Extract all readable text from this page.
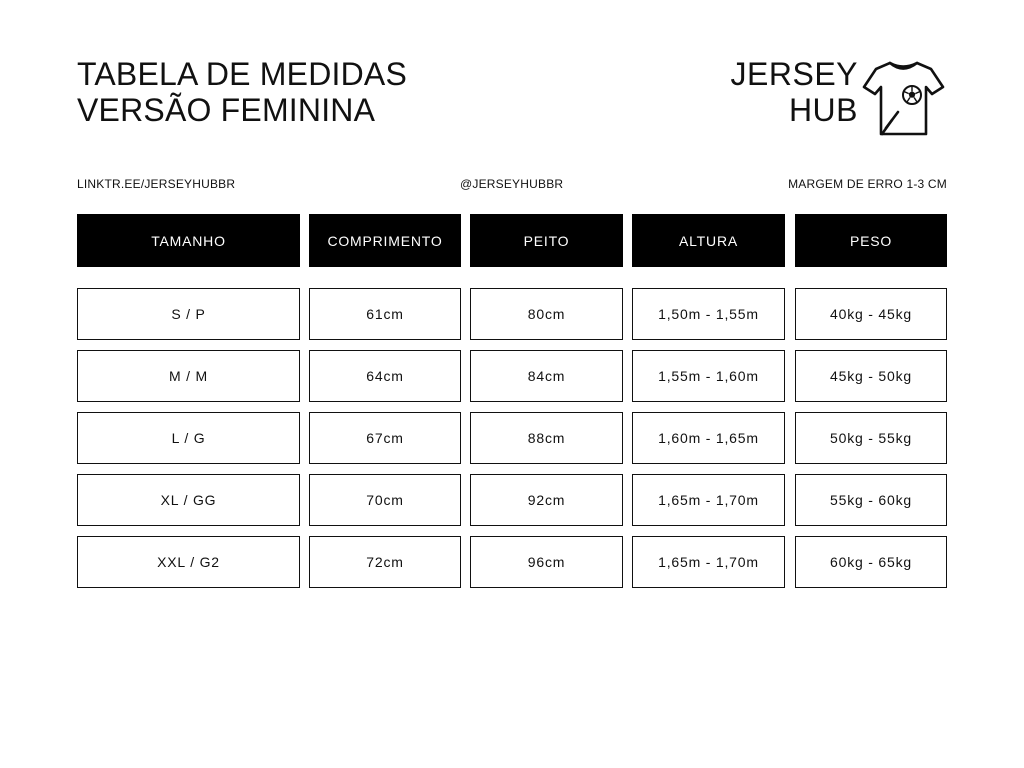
TABELA DE MEDIDAS
VERSÃO FEMININA
JERSEY
HUB
LINKTR.EE/JERSEYHUBBR	@JERSEYHUBBR	MARGEM DE ERRO 1-3 CM
TAMANHO	COMPRIMENTO	PEITO	ALTURA	PESO
S / P	61cm	80cm	1,50m - 1,55m	40kg - 45kg
M / M	64cm	84cm	1,55m - 1,60m	45kg - 50kg
L / G	67cm	88cm	1,60m - 1,65m	50kg - 55kg
XL / GG	70cm	92cm	1,65m - 1,70m	55kg - 60kg
XXL / G2	72cm	96cm	1,65m - 1,70m	60kg - 65kg
